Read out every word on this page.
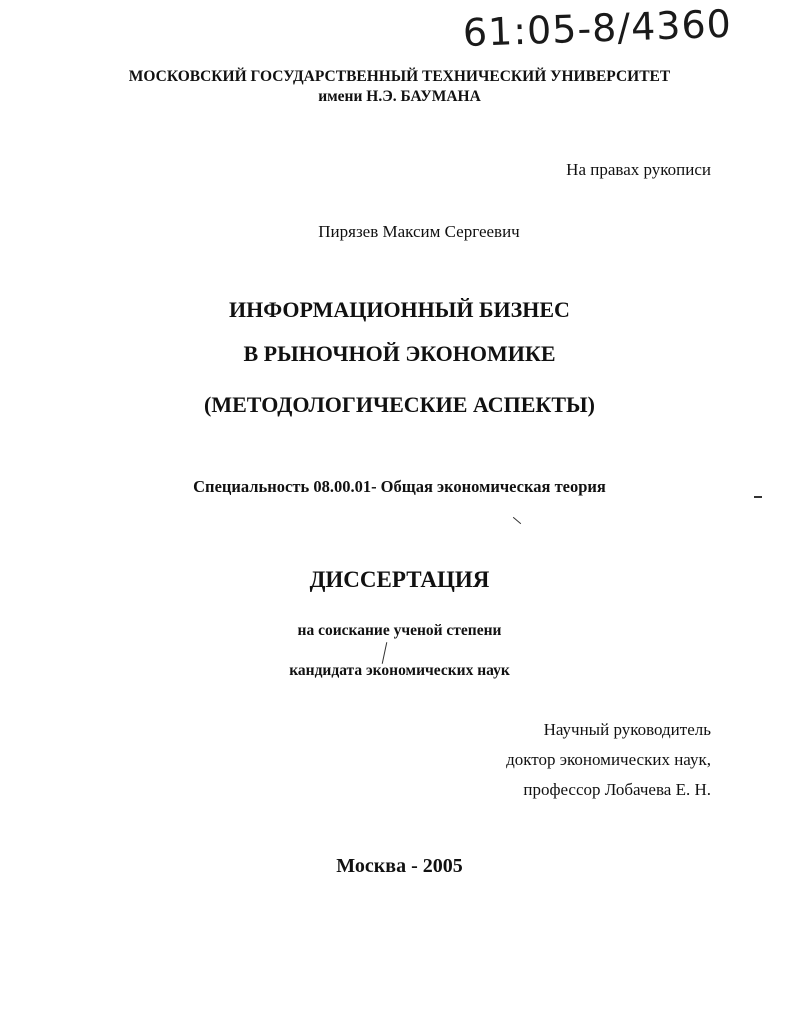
61:05-8/4360
МОСКОВСКИЙ ГОСУДАРСТВЕННЫЙ ТЕХНИЧЕСКИЙ УНИВЕРСИТЕТ
имени Н.Э. БАУМАНА
На правах рукописи
Пирязев Максим Сергеевич
ИНФОРМАЦИОННЫЙ БИЗНЕС
В РЫНОЧНОЙ ЭКОНОМИКЕ
(МЕТОДОЛОГИЧЕСКИЕ АСПЕКТЫ)
Специальность 08.00.01- Общая экономическая теория
ДИССЕРТАЦИЯ
на соискание ученой степени
кандидата экономических наук
Научный руководитель
доктор экономических наук,
профессор Лобачева Е. Н.
Москва - 2005
